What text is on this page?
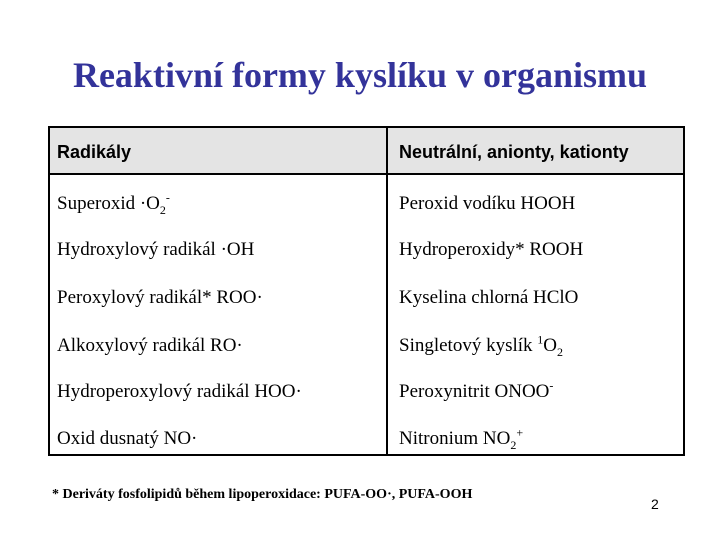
Reaktivní formy kyslíku v organismu
Radikály	Neutrální, anionty, kationty
Superoxid $\cdot O_2^-$	Peroxid vodíku HOOH
Hydroxylový radikál ·OH	Hydroperoxidy* ROOH
Peroxylový radikál* ROO·	Kyselina chlorná HClO
Alkoxylový radikál RO·	Singletový kyslík $^1O_2$
Hydroperoxylový radikál HOO·	Peroxynitrit ONOO-
Oxid dusnatý NO·	Nitronium $NO_2^+$
* Deriváty fosfolipidů během lipoperoxidace: PUFA-OO·, PUFA-OOH
2
